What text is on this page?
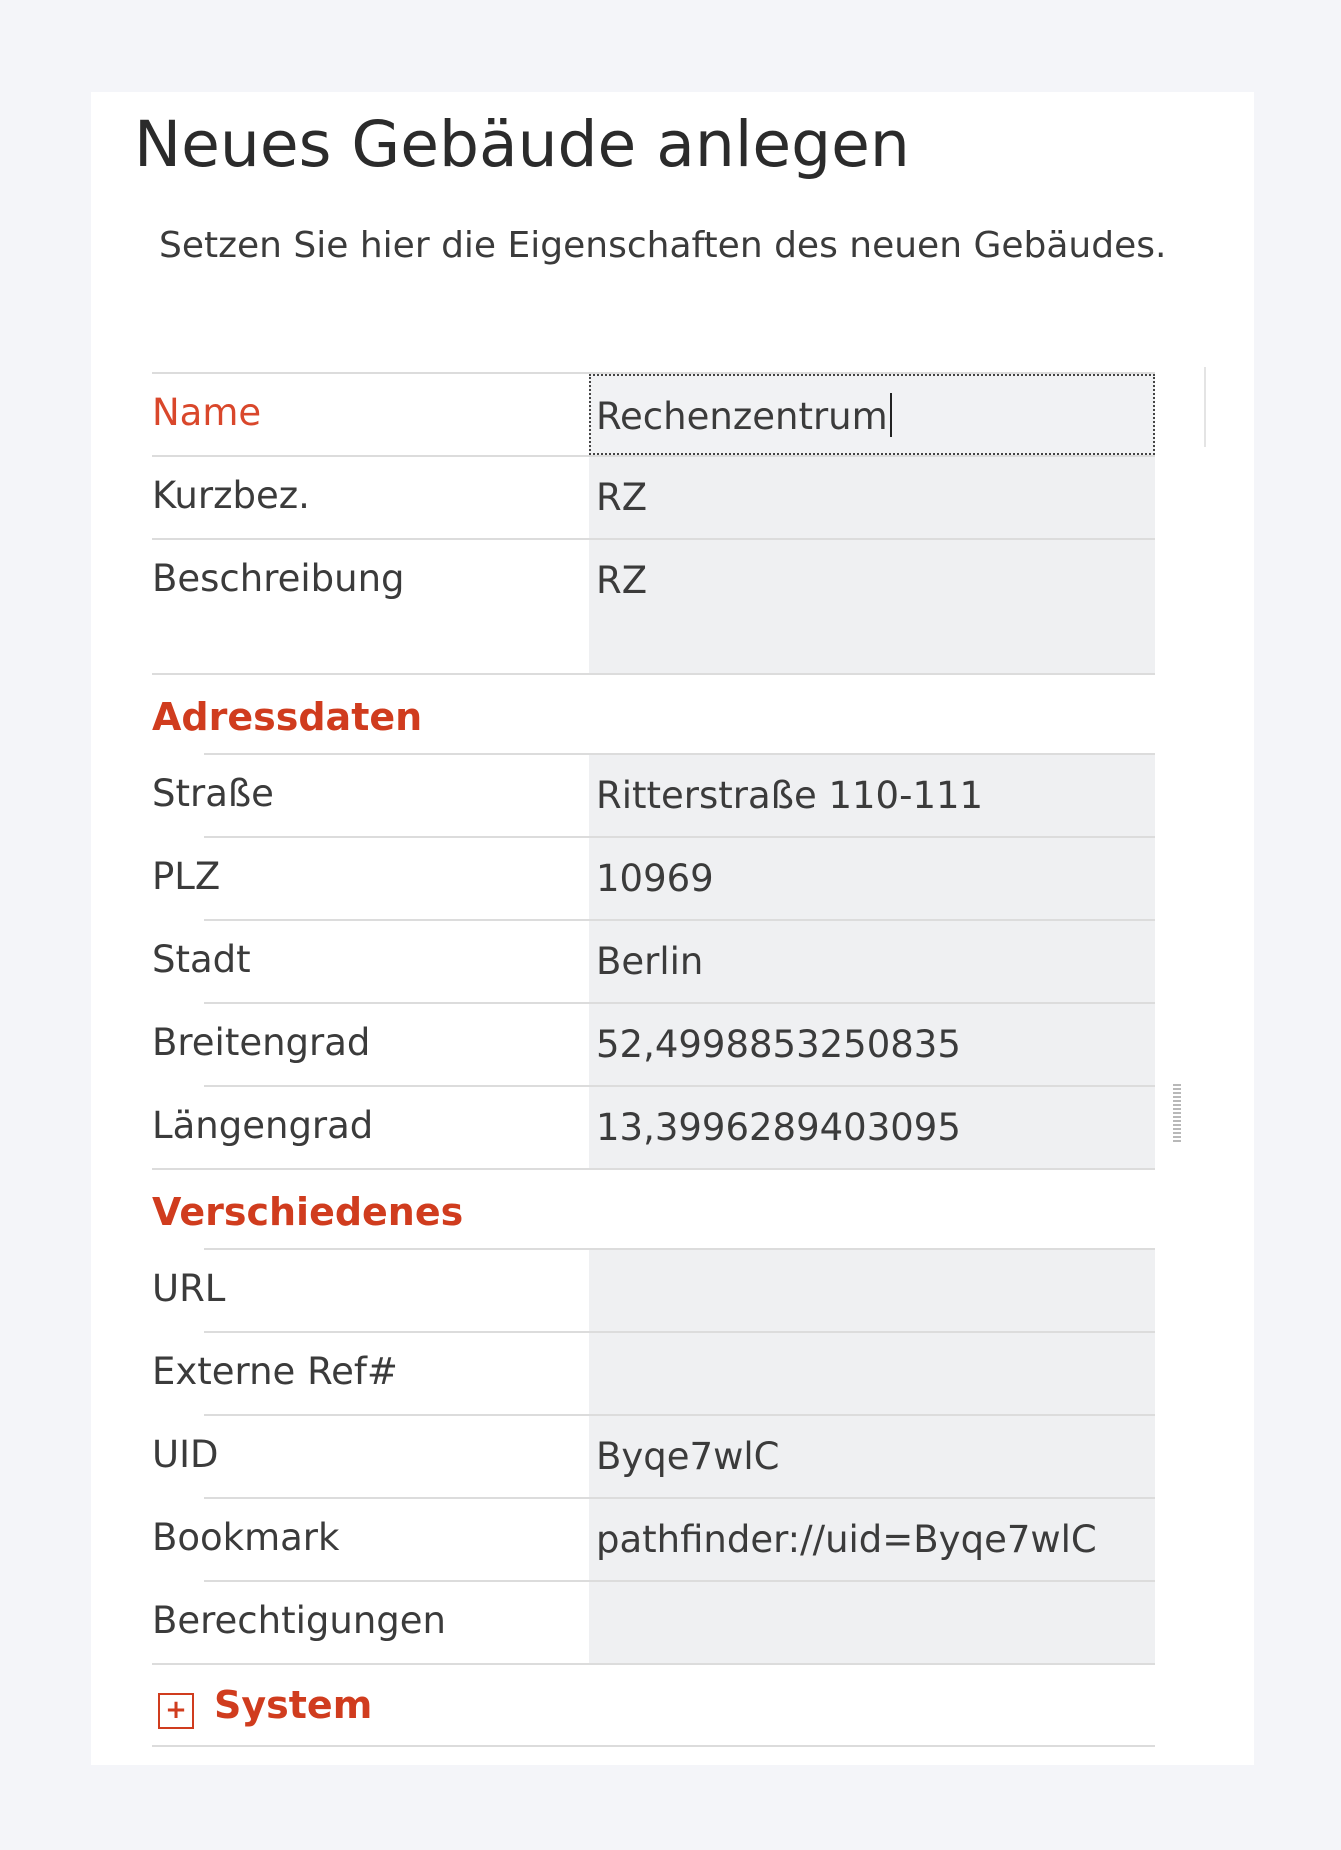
Neues Gebäude anlegen

Setzen Sie hier die Eigenschaften des neuen Gebäudes.

Name	Rechenzentrum
Kurzbez.	RZ
Beschreibung	RZ
Adressdaten
Straße	Ritterstraße 110-111
PLZ	10969
Stadt	Berlin
Breitengrad	52,4998853250835
Längengrad	13,3996289403095
Verschiedenes
URL
Externe Ref#
UID	Byqe7wlC
Bookmark	pathfinder://uid=Byqe7wlC
Berechtigungen
+ System
